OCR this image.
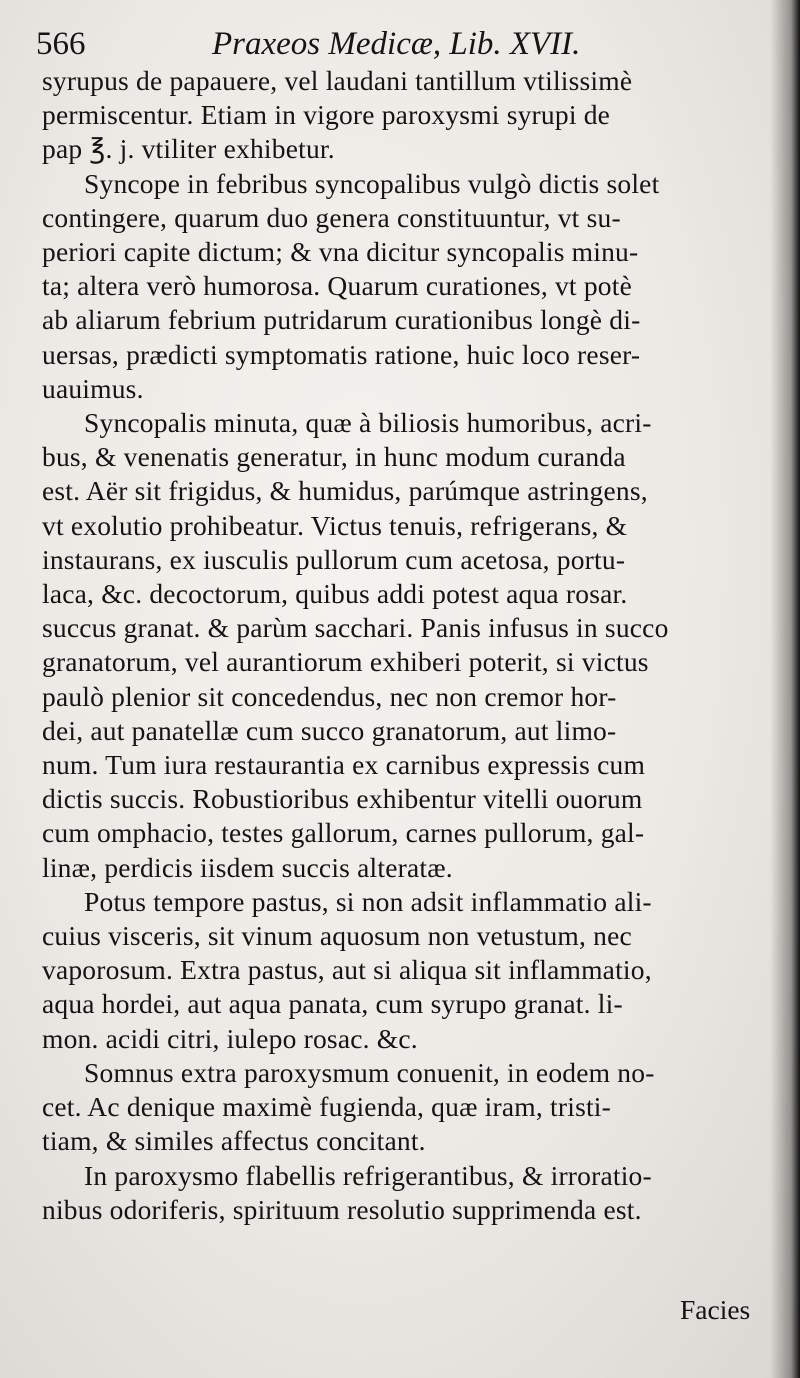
566	Praxeos Medicæ, Lib. XVII.
syrupus de papauere, vel laudani tantillum vtilissimè
permiscentur. Etiam in vigore paroxysmi syrupi de
pap ℥. j. vtiliter exhibetur.
Syncope in febribus syncopalibus vulgò dictis solet
contingere, quarum duo genera constituuntur, vt su-
periori capite dictum; & vna dicitur syncopalis minu-
ta; altera verò humorosa. Quarum curationes, vt potè
ab aliarum febrium putridarum curationibus longè di-
uersas, prædicti symptomatis ratione, huic loco reser-
uauimus.
Syncopalis minuta, quæ à biliosis humoribus, acri-
bus, & venenatis generatur, in hunc modum curanda
est. Aër sit frigidus, & humidus, parúmque astringens,
vt exolutio prohibeatur. Victus tenuis, refrigerans, &
instaurans, ex iusculis pullorum cum acetosa, portu-
laca, &c. decoctorum, quibus addi potest aqua rosar.
succus granat. & parùm sacchari. Panis infusus in succo
granatorum, vel aurantiorum exhiberi poterit, si victus
paulò plenior sit concedendus, nec non cremor hor-
dei, aut panatellæ cum succo granatorum, aut limo-
num. Tum iura restaurantia ex carnibus expressis cum
dictis succis. Robustioribus exhibentur vitelli ouorum
cum omphacio, testes gallorum, carnes pullorum, gal-
linæ, perdicis iisdem succis alteratæ.
Potus tempore pastus, si non adsit inflammatio ali-
cuius visceris, sit vinum aquosum non vetustum, nec
vaporosum. Extra pastus, aut si aliqua sit inflammatio,
aqua hordei, aut aqua panata, cum syrupo granat. li-
mon. acidi citri, iulepo rosac. &c.
Somnus extra paroxysmum conuenit, in eodem no-
cet. Ac denique maximè fugienda, quæ iram, tristi-
tiam, & similes affectus concitant.
In paroxysmo flabellis refrigerantibus, & irroratio-
nibus odoriferis, spirituum resolutio supprimenda est.
Facies
